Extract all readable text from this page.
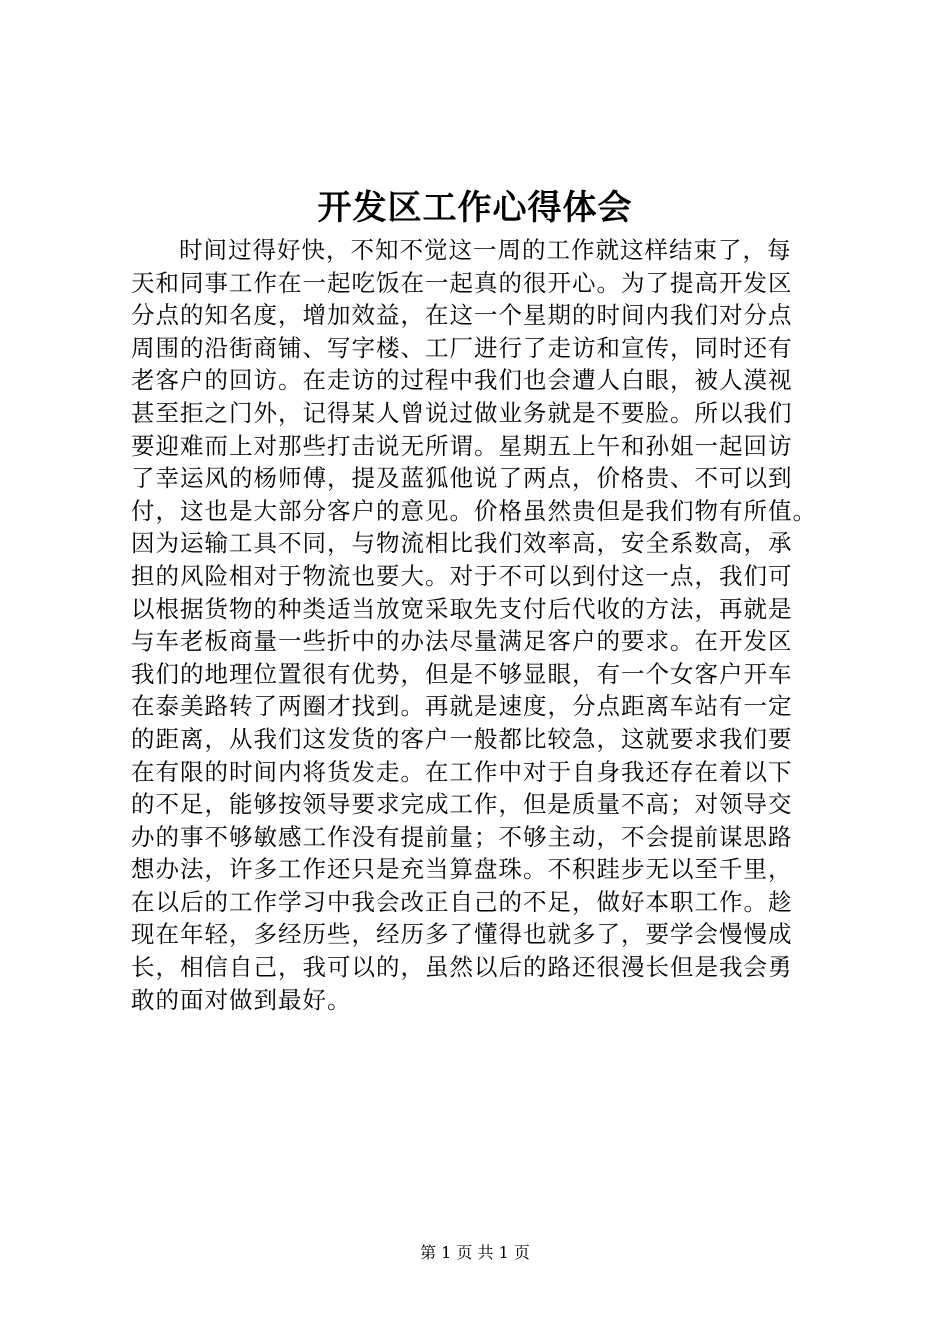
开发区工作心得体会
时间过得好快，不知不觉这一周的工作就这样结束了，每
天和同事工作在一起吃饭在一起真的很开心。为了提高开发区
分点的知名度，增加效益，在这一个星期的时间内我们对分点
周围的沿街商铺、写字楼、工厂进行了走访和宣传，同时还有
老客户的回访。在走访的过程中我们也会遭人白眼，被人漠视
甚至拒之门外，记得某人曾说过做业务就是不要脸。所以我们
要迎难而上对那些打击说无所谓。星期五上午和孙姐一起回访
了幸运风的杨师傅，提及蓝狐他说了两点，价格贵、不可以到
付，这也是大部分客户的意见。价格虽然贵但是我们物有所值。
因为运输工具不同，与物流相比我们效率高，安全系数高，承
担的风险相对于物流也要大。对于不可以到付这一点，我们可
以根据货物的种类适当放宽采取先支付后代收的方法，再就是
与车老板商量一些折中的办法尽量满足客户的要求。在开发区
我们的地理位置很有优势，但是不够显眼，有一个女客户开车
在泰美路转了两圈才找到。再就是速度，分点距离车站有一定
的距离，从我们这发货的客户一般都比较急，这就要求我们要
在有限的时间内将货发走。在工作中对于自身我还存在着以下
的不足，能够按领导要求完成工作，但是质量不高；对领导交
办的事不够敏感工作没有提前量；不够主动，不会提前谋思路
想办法，许多工作还只是充当算盘珠。不积跬步无以至千里，
在以后的工作学习中我会改正自己的不足，做好本职工作。趁
现在年轻，多经历些，经历多了懂得也就多了，要学会慢慢成
长，相信自己，我可以的，虽然以后的路还很漫长但是我会勇
敢的面对做到最好。
第 1 页 共 1 页
